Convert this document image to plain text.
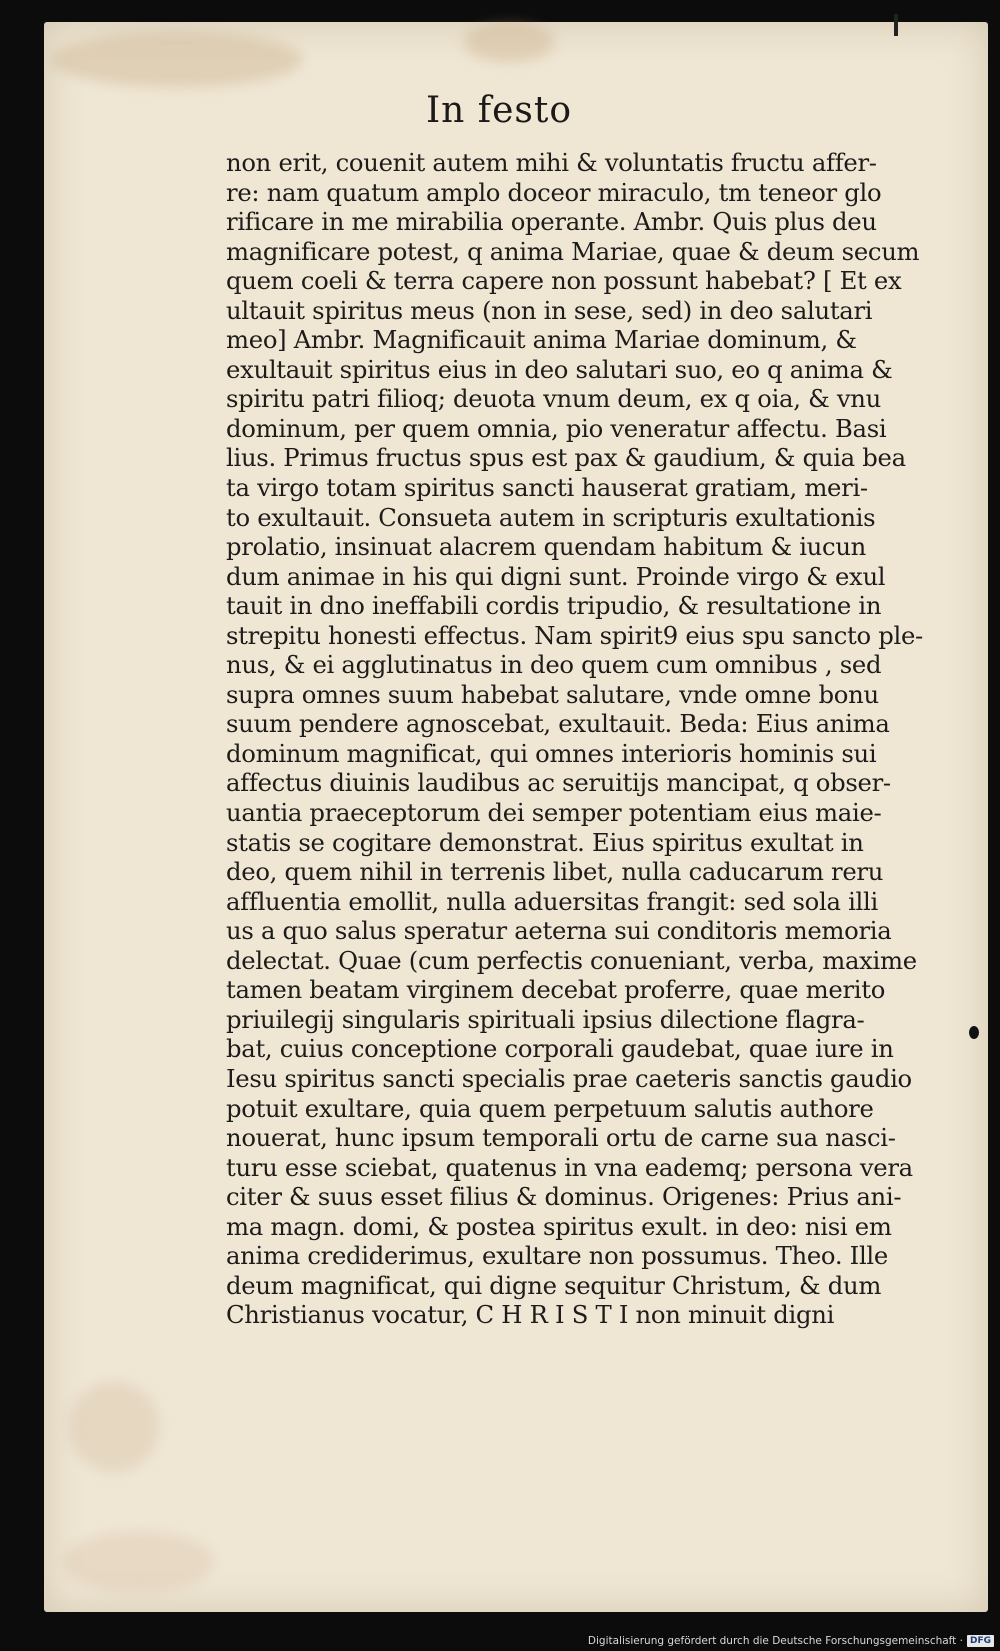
In festo
non erit, couenit autem mihi & voluntatis fructu affer-
re: nam quatum amplo doceor miraculo, tm teneor glo
rificare in me mirabilia operante. Ambr. Quis plus deu
magnificare potest, q anima Mariae, quae & deum secum
quem coeli & terra capere non possunt habebat? [ Et ex
ultauit spiritus meus (non in sese, sed) in deo salutari
meo] Ambr. Magnificauit anima Mariae dominum, &
exultauit spiritus eius in deo salutari suo, eo q anima &
spiritu patri filioq; deuota vnum deum, ex q oia, & vnu
dominum, per quem omnia, pio veneratur affectu. Basi
lius. Primus fructus spus est pax & gaudium, & quia bea
ta virgo totam spiritus sancti hauserat gratiam, meri-
to exultauit. Consueta autem in scripturis exultationis
prolatio, insinuat alacrem quendam habitum & iucun
dum animae in his qui digni sunt. Proinde virgo & exul
tauit in dno ineffabili cordis tripudio, & resultatione in
strepitu honesti effectus. Nam spirit9 eius spu sancto ple-
nus, & ei agglutinatus in deo quem cum omnibus , sed
supra omnes suum habebat salutare, vnde omne bonu
suum pendere agnoscebat, exultauit. Beda: Eius anima
dominum magnificat, qui omnes interioris hominis sui
affectus diuinis laudibus ac seruitijs mancipat, q obser-
uantia praeceptorum dei semper potentiam eius maie-
statis se cogitare demonstrat. Eius spiritus exultat in
deo, quem nihil in terrenis libet, nulla caducarum reru
affluentia emollit, nulla aduersitas frangit: sed sola illi
us a quo salus speratur aeterna sui conditoris memoria
delectat. Quae (cum perfectis conueniant, verba, maxime
tamen beatam virginem decebat proferre, quae merito
priuilegij singularis spirituali ipsius dilectione flagra-
bat, cuius conceptione corporali gaudebat, quae iure in
Iesu spiritus sancti specialis prae caeteris sanctis gaudio
potuit exultare, quia quem perpetuum salutis authore
nouerat, hunc ipsum temporali ortu de carne sua nasci-
turu esse sciebat, quatenus in vna eademq; persona vera
citer & suus esset filius & dominus. Origenes: Prius ani-
ma magn. domi, & postea spiritus exult. in deo: nisi em
anima crediderimus, exultare non possumus. Theo. Ille
deum magnificat, qui digne sequitur Christum, & dum
Christianus vocatur, C H R I S T I non minuit digni
Digitalisierung gefördert durch die Deutsche Forschungsgemeinschaft · DFG
